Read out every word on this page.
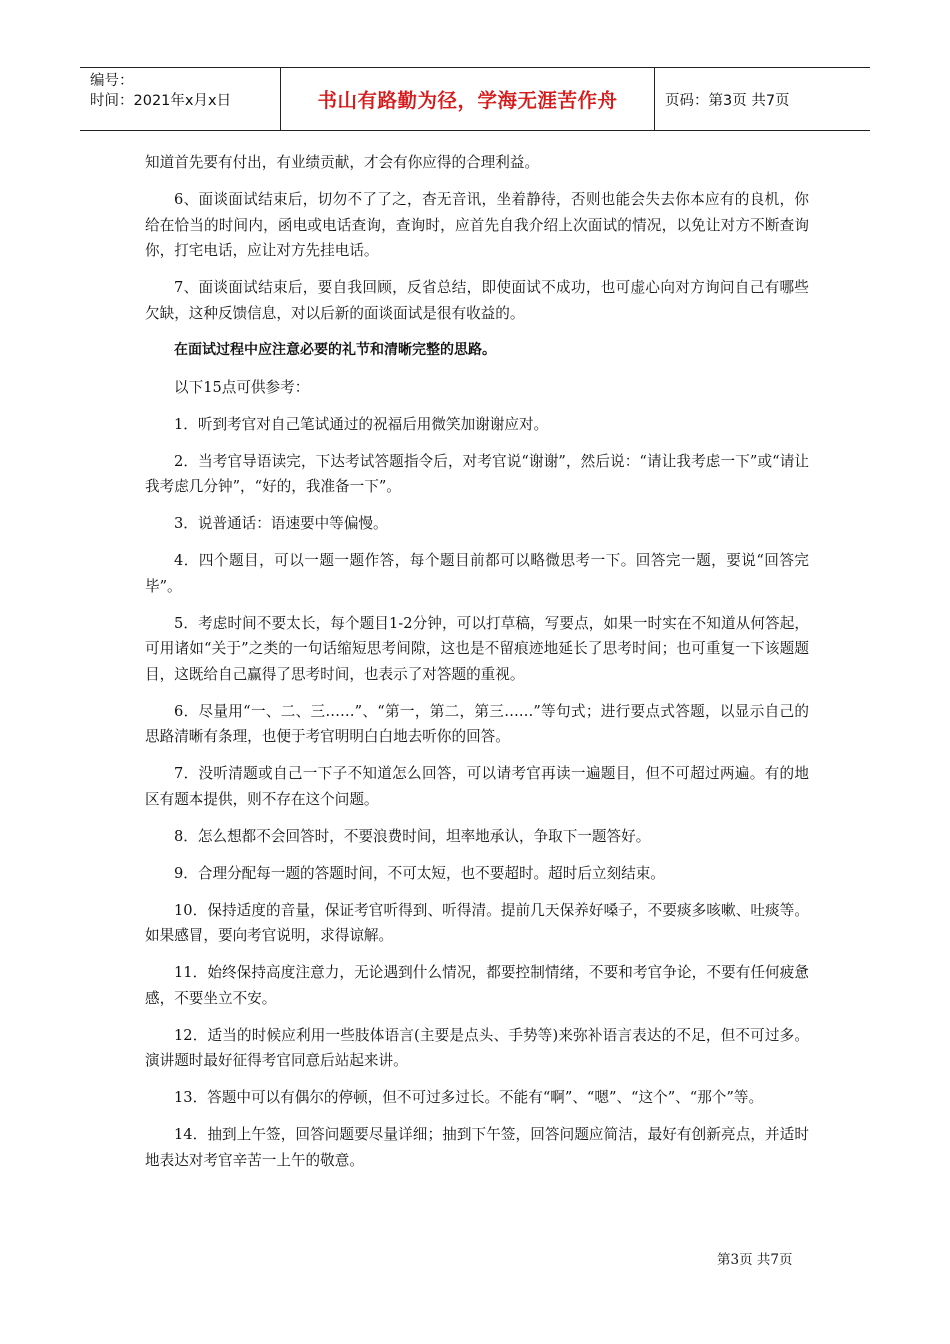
编号：
时间：2021年x月x日	书山有路勤为径，学海无涯苦作舟	页码：第3页 共7页

知道首先要有付出，有业绩贡献，才会有你应得的合理利益。

6、面谈面试结束后，切勿不了了之，杳无音讯，坐着静待，否则也能会失去你本应有的良机，你给在恰当的时间内，函电或电话查询，查询时，应首先自我介绍上次面试的情况，以免让对方不断查询你，打宅电话，应让对方先挂电话。

7、面谈面试结束后，要自我回顾，反省总结，即使面试不成功，也可虚心向对方询问自己有哪些欠缺，这种反馈信息，对以后新的面谈面试是很有收益的。

在面试过程中应注意必要的礼节和清晰完整的思路。

以下15点可供参考：

1．听到考官对自己笔试通过的祝福后用微笑加谢谢应对。

2．当考官导语读完，下达考试答题指令后，对考官说“谢谢”，然后说：“请让我考虑一下”或“请让我考虑几分钟”，“好的，我准备一下”。

3．说普通话：语速要中等偏慢。

4．四个题目，可以一题一题作答，每个题目前都可以略微思考一下。回答完一题，要说“回答完毕”。

5．考虑时间不要太长，每个题目1-2分钟，可以打草稿，写要点，如果一时实在不知道从何答起，可用诸如“关于”之类的一句话缩短思考间隙，这也是不留痕迹地延长了思考时间；也可重复一下该题题目，这既给自己赢得了思考时间，也表示了对答题的重视。

6．尽量用“一、二、三……”、“第一，第二，第三……”等句式；进行要点式答题，以显示自己的思路清晰有条理，也便于考官明明白白地去听你的回答。

7．没听清题或自己一下子不知道怎么回答，可以请考官再读一遍题目，但不可超过两遍。有的地区有题本提供，则不存在这个问题。

8．怎么想都不会回答时，不要浪费时间，坦率地承认，争取下一题答好。

9．合理分配每一题的答题时间，不可太短，也不要超时。超时后立刻结束。

10．保持适度的音量，保证考官听得到、听得清。提前几天保养好嗓子，不要痰多咳嗽、吐痰等。如果感冒，要向考官说明，求得谅解。

11．始终保持高度注意力，无论遇到什么情况，都要控制情绪，不要和考官争论，不要有任何疲惫感，不要坐立不安。

12．适当的时候应利用一些肢体语言(主要是点头、手势等)来弥补语言表达的不足，但不可过多。演讲题时最好征得考官同意后站起来讲。

13．答题中可以有偶尔的停顿，但不可过多过长。不能有“啊”、“嗯”、“这个”、“那个”等。

14．抽到上午签，回答问题要尽量详细；抽到下午签，回答问题应简洁，最好有创新亮点，并适时地表达对考官辛苦一上午的敬意。

第3页 共7页
